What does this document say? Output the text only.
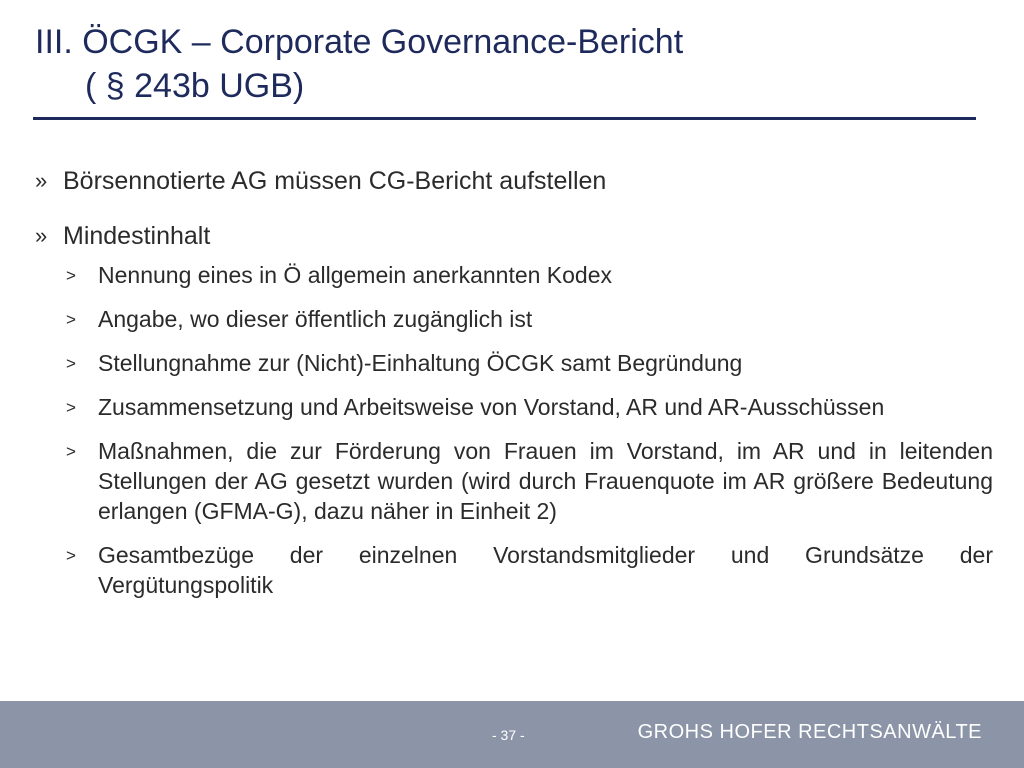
III. ÖCGK – Corporate Governance-Bericht
( § 243b UGB)
» Börsennotierte AG müssen CG-Bericht aufstellen
» Mindestinhalt
> Nennung eines in Ö allgemein anerkannten Kodex
> Angabe, wo dieser öffentlich zugänglich ist
> Stellungnahme zur (Nicht)-Einhaltung ÖCGK samt Begründung
> Zusammensetzung und Arbeitsweise von Vorstand, AR und AR-Ausschüssen
> Maßnahmen, die zur Förderung von Frauen im Vorstand, im AR und in leitenden Stellungen der AG gesetzt wurden (wird durch Frauenquote im AR größere Bedeutung erlangen (GFMA-G), dazu näher in Einheit 2)
> Gesamtbezüge der einzelnen Vorstandsmitglieder und Grundsätze der Vergütungspolitik
- 37 -	GROHS HOFER RECHTSANWÄLTE
